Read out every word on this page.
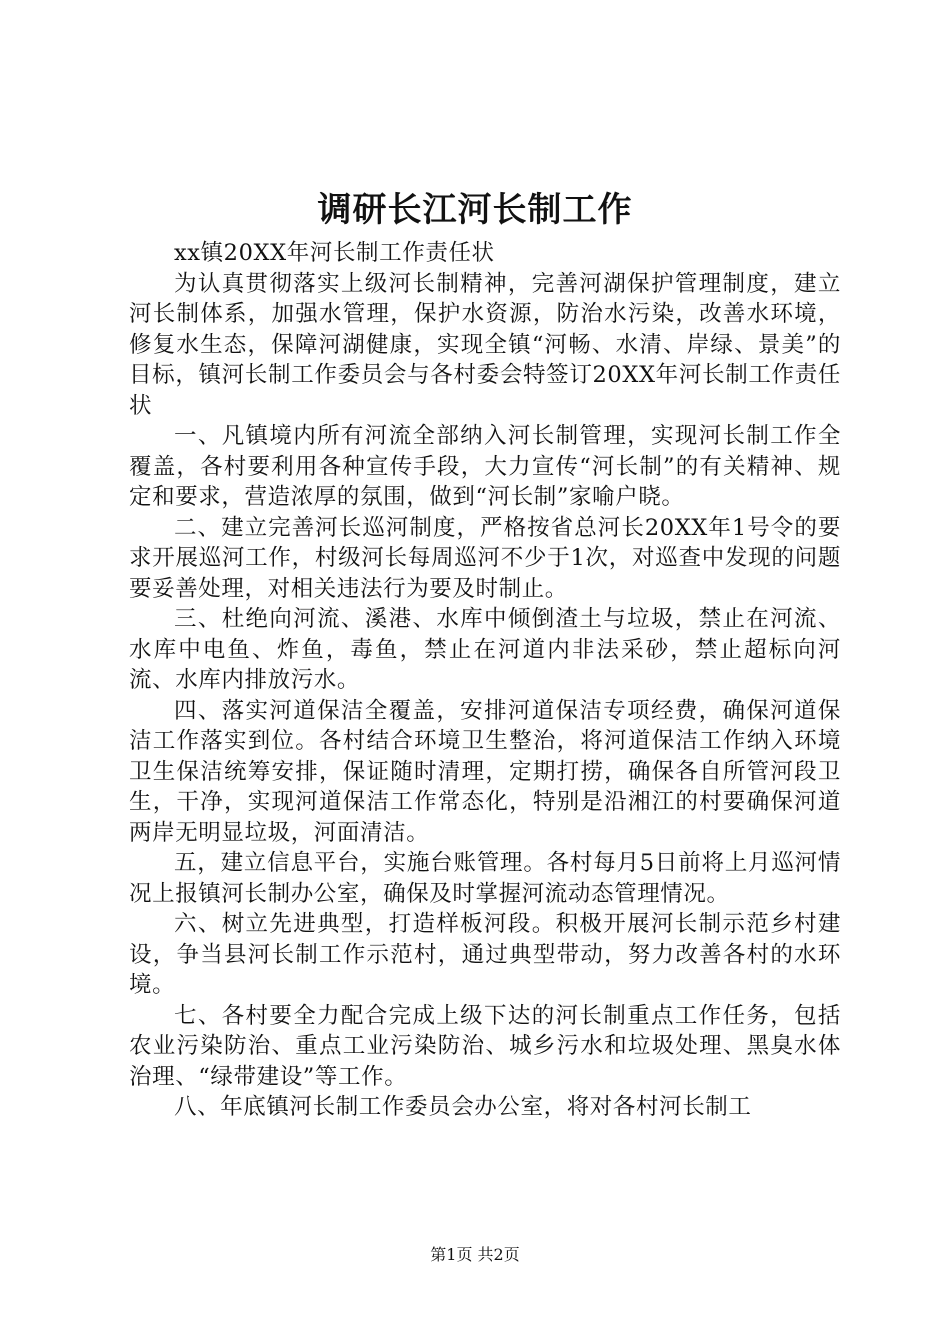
调研长江河长制工作

xx镇20XX年河长制工作责任状

为认真贯彻落实上级河长制精神，完善河湖保护管理制度，建立河长制体系，加强水管理，保护水资源，防治水污染，改善水环境，修复水生态，保障河湖健康，实现全镇“河畅、水清、岸绿、景美”的目标，镇河长制工作委员会与各村委会特签订20XX年河长制工作责任状

一、凡镇境内所有河流全部纳入河长制管理，实现河长制工作全覆盖，各村要利用各种宣传手段，大力宣传“河长制”的有关精神、规定和要求，营造浓厚的氛围，做到“河长制”家喻户晓。

二、建立完善河长巡河制度，严格按省总河长20XX年1号令的要求开展巡河工作，村级河长每周巡河不少于1次，对巡查中发现的问题要妥善处理，对相关违法行为要及时制止。

三、杜绝向河流、溪港、水库中倾倒渣土与垃圾，禁止在河流、水库中电鱼、炸鱼，毒鱼，禁止在河道内非法采砂，禁止超标向河流、水库内排放污水。

四、落实河道保洁全覆盖，安排河道保洁专项经费，确保河道保洁工作落实到位。各村结合环境卫生整治，将河道保洁工作纳入环境卫生保洁统筹安排，保证随时清理，定期打捞，确保各自所管河段卫生，干净，实现河道保洁工作常态化，特别是沿湘江的村要确保河道两岸无明显垃圾，河面清洁。

五，建立信息平台，实施台账管理。各村每月5日前将上月巡河情况上报镇河长制办公室，确保及时掌握河流动态管理情况。

六、树立先进典型，打造样板河段。积极开展河长制示范乡村建设，争当县河长制工作示范村，通过典型带动，努力改善各村的水环境。

七、各村要全力配合完成上级下达的河长制重点工作任务，包括农业污染防治、重点工业污染防治、城乡污水和垃圾处理、黑臭水体治理、“绿带建设”等工作。

八、年底镇河长制工作委员会办公室，将对各村河长制工

第1页 共2页
